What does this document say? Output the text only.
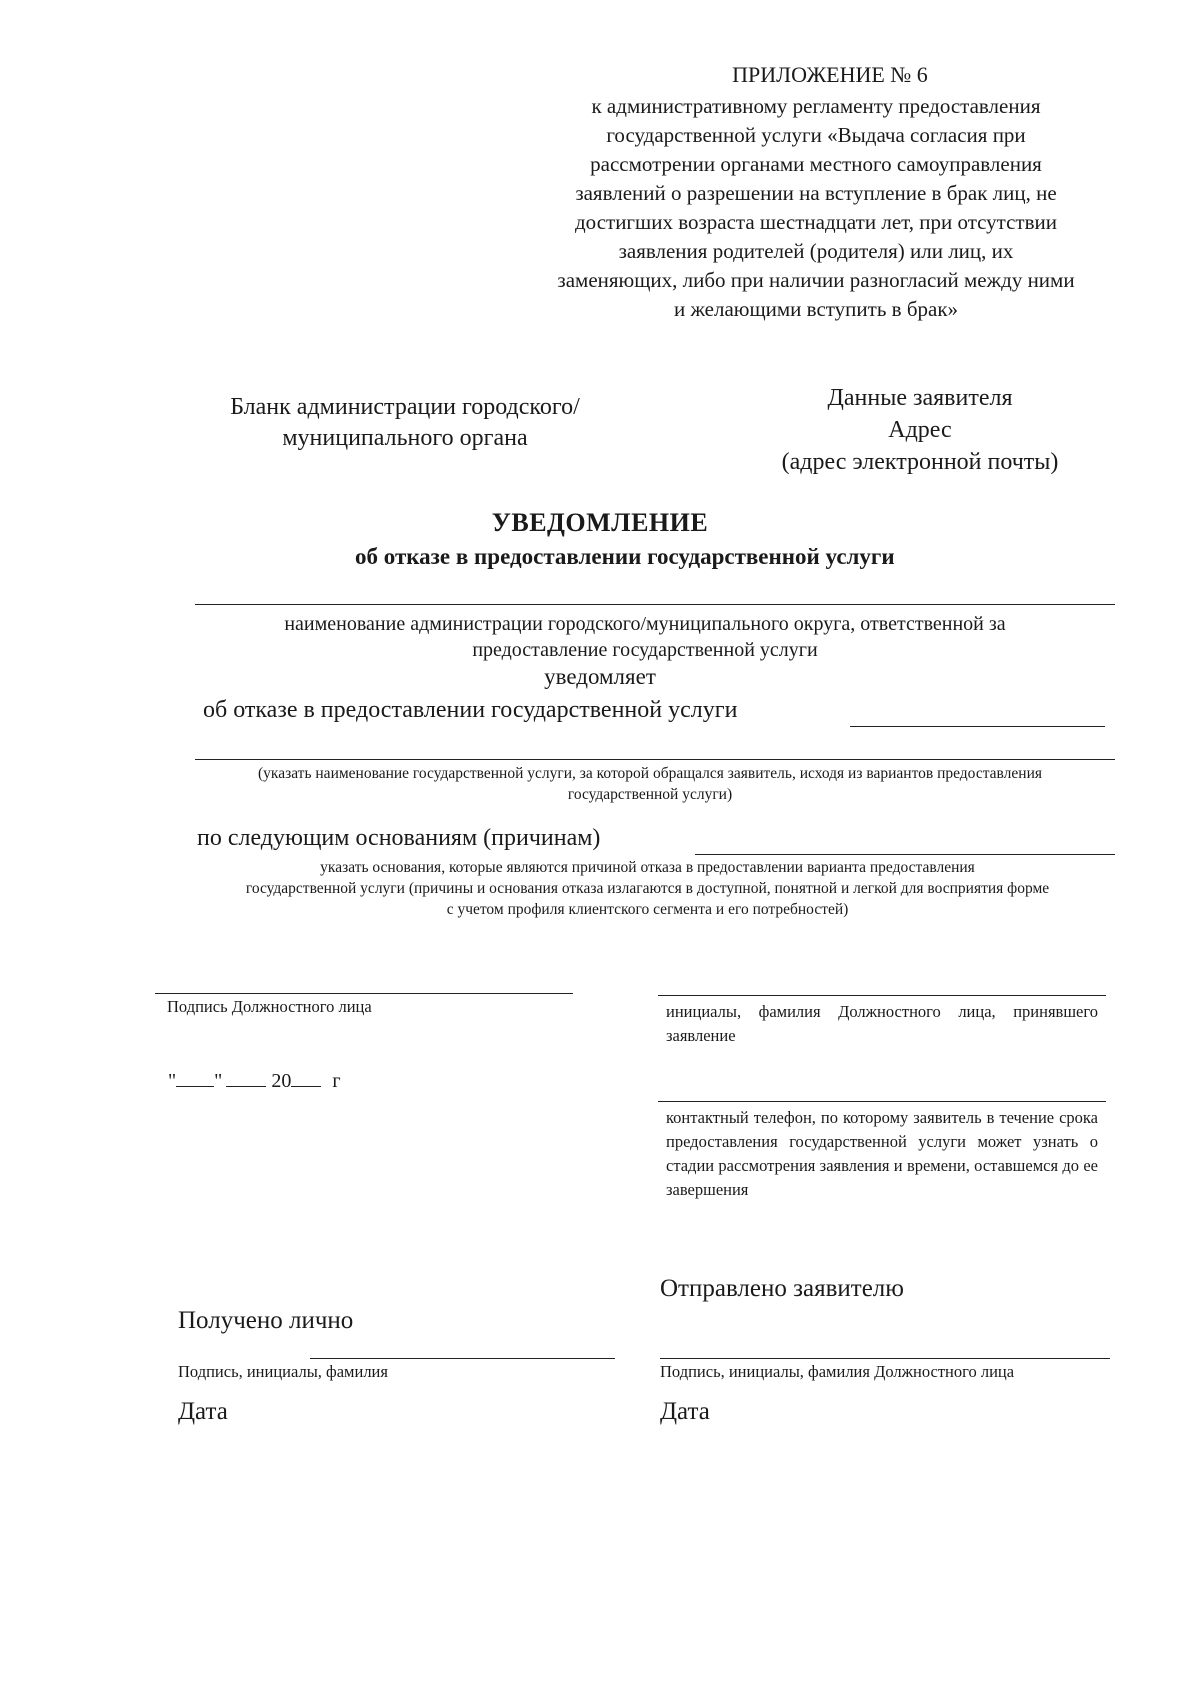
ПРИЛОЖЕНИЕ № 6
к административному регламенту предоставления
государственной услуги «Выдача согласия при
рассмотрении органами местного самоуправления
заявлений о разрешении на вступление в брак лиц, не
достигших возраста шестнадцати лет, при отсутствии
заявления родителей (родителя) или лиц, их
заменяющих, либо при наличии разногласий между ними
и желающими вступить в брак»
Бланк администрации городского/
муниципального органа
Данные заявителя
Адрес
(адрес электронной почты)
УВЕДОМЛЕНИЕ
об отказе в предоставлении государственной услуги
наименование администрации городского/муниципального округа, ответственной за
предоставление государственной услуги
уведомляет
об отказе в предоставлении государственной услуги
(указать наименование государственной услуги, за которой обращался заявитель, исходя из вариантов предоставления
государственной услуги)
по следующим основаниям (причинам)
указать основания, которые являются причиной отказа в предоставлении варианта предоставления
государственной услуги (причины и основания отказа излагаются в доступной, понятной и легкой для восприятия форме
с учетом профиля клиентского сегмента и его потребностей)
Подпись Должностного лица	инициалы, фамилия Должностного лица, принявшего заявление
" " 20 г
контактный телефон, по которому заявитель в течение срока предоставления государственной услуги может узнать о стадии рассмотрения заявления и времени, оставшемся до ее завершения
Отправлено заявителю
Получено лично
Подпись, инициалы, фамилия	Подпись, инициалы, фамилия Должностного лица
Дата	Дата
